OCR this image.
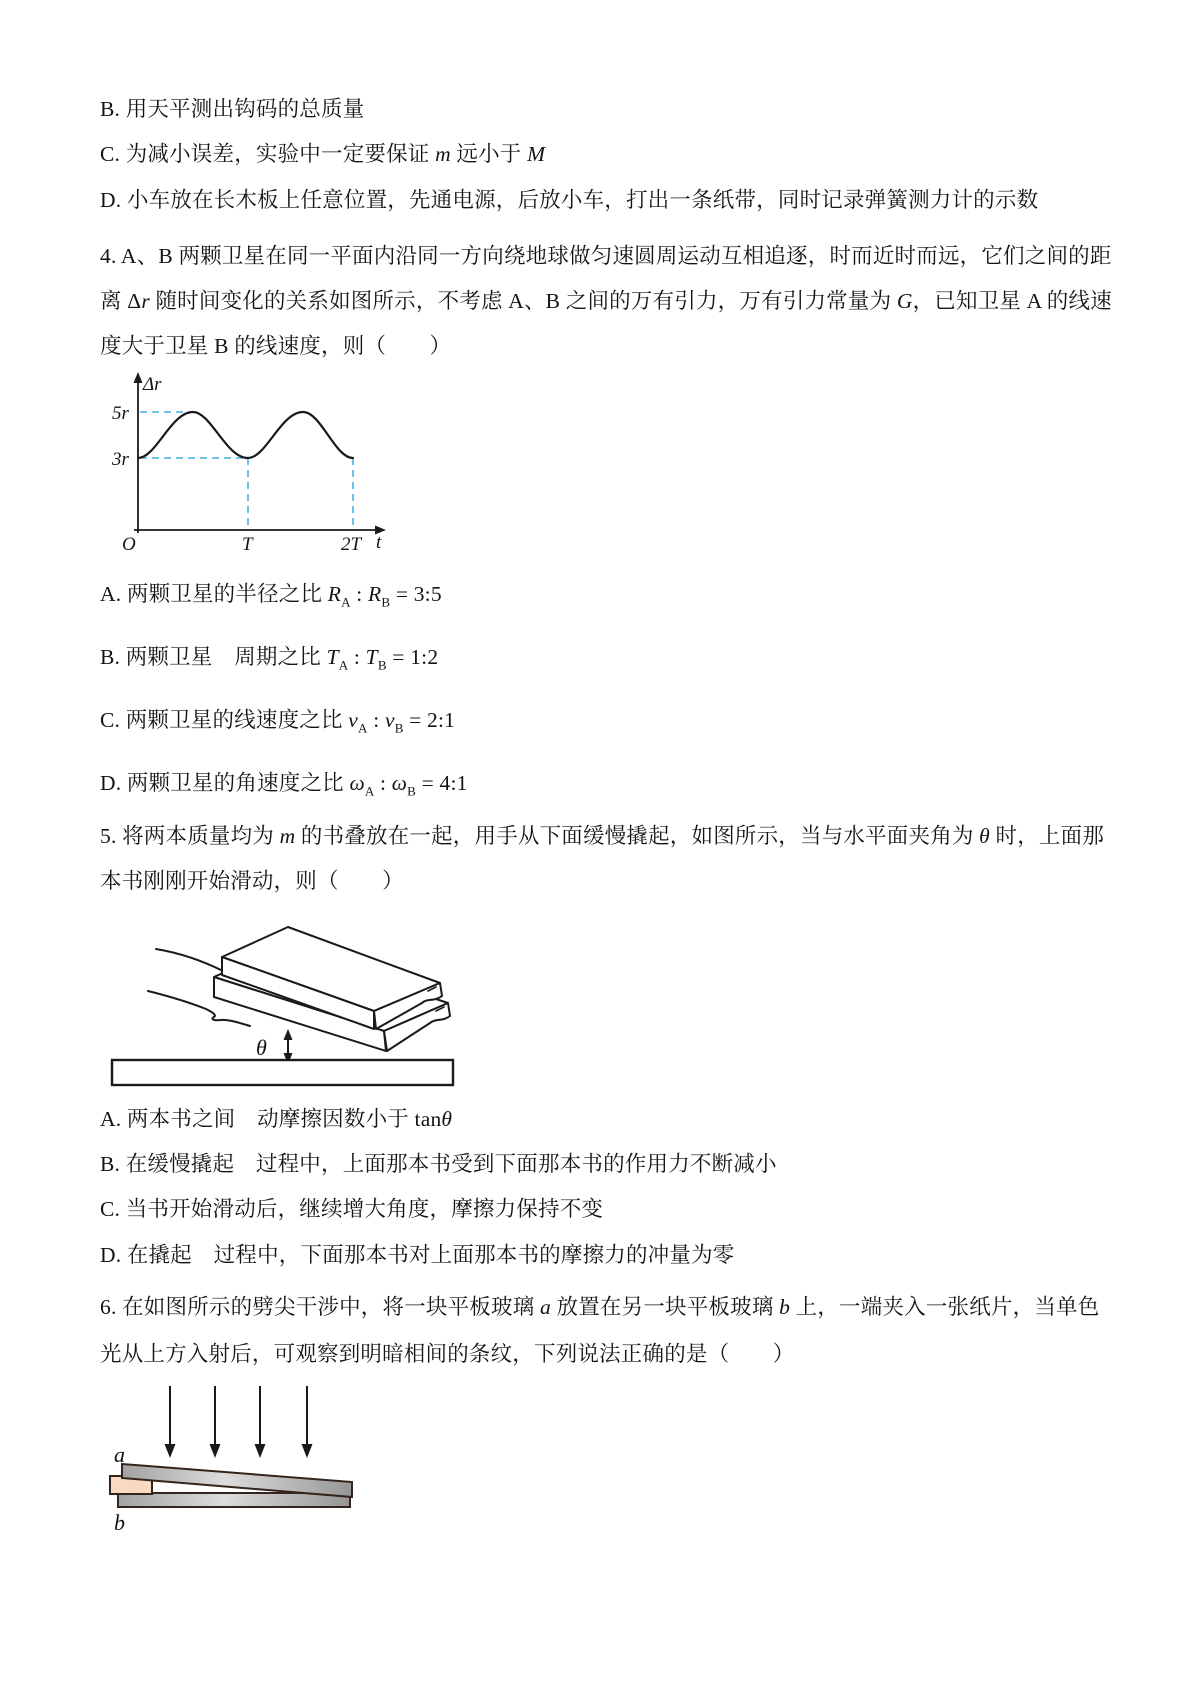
B. 用天平测出钩码的总质量
C. 为减小误差，实验中一定要保证 m 远小于 M
D. 小车放在长木板上任意位置，先通电源，后放小车，打出一条纸带，同时记录弹簧测力计的示数
4. A、B 两颗卫星在同一平面内沿同一方向绕地球做匀速圆周运动互相追逐，时而近时而远，它们之间的距
离 Δr 随时间变化的关系如图所示，不考虑 A、B 之间的万有引力，万有引力常量为 G，已知卫星 A 的线速
度大于卫星 B 的线速度，则（　　）
Δr
5r
3r
O	T	2T t
A. 两颗卫星的半径之比 $R_A$ : $R_B$ = 3:5
B. 两颗卫星　周期之比 $T_A$ : $T_B$ = 1:2
C. 两颗卫星的线速度之比 $v_A$ : $v_B$ = 2:1
D. 两颗卫星的角速度之比 $\omega_A$ : $\omega_B$ = 4:1
5. 将两本质量均为 m 的书叠放在一起，用手从下面缓慢撬起，如图所示，当与水平面夹角为 θ 时，上面那
本书刚刚开始滑动，则（　　）
θ
A. 两本书之间　动摩擦因数小于 tanθ
B. 在缓慢撬起　过程中，上面那本书受到下面那本书的作用力不断减小
C. 当书开始滑动后，继续增大角度，摩擦力保持不变
D. 在撬起　过程中，下面那本书对上面那本书的摩擦力的冲量为零
6. 在如图所示的劈尖干涉中，将一块平板玻璃 a 放置在另一块平板玻璃 b 上，一端夹入一张纸片，当单色
光从上方入射后，可观察到明暗相间的条纹，下列说法正确的是（　　）
a
b
